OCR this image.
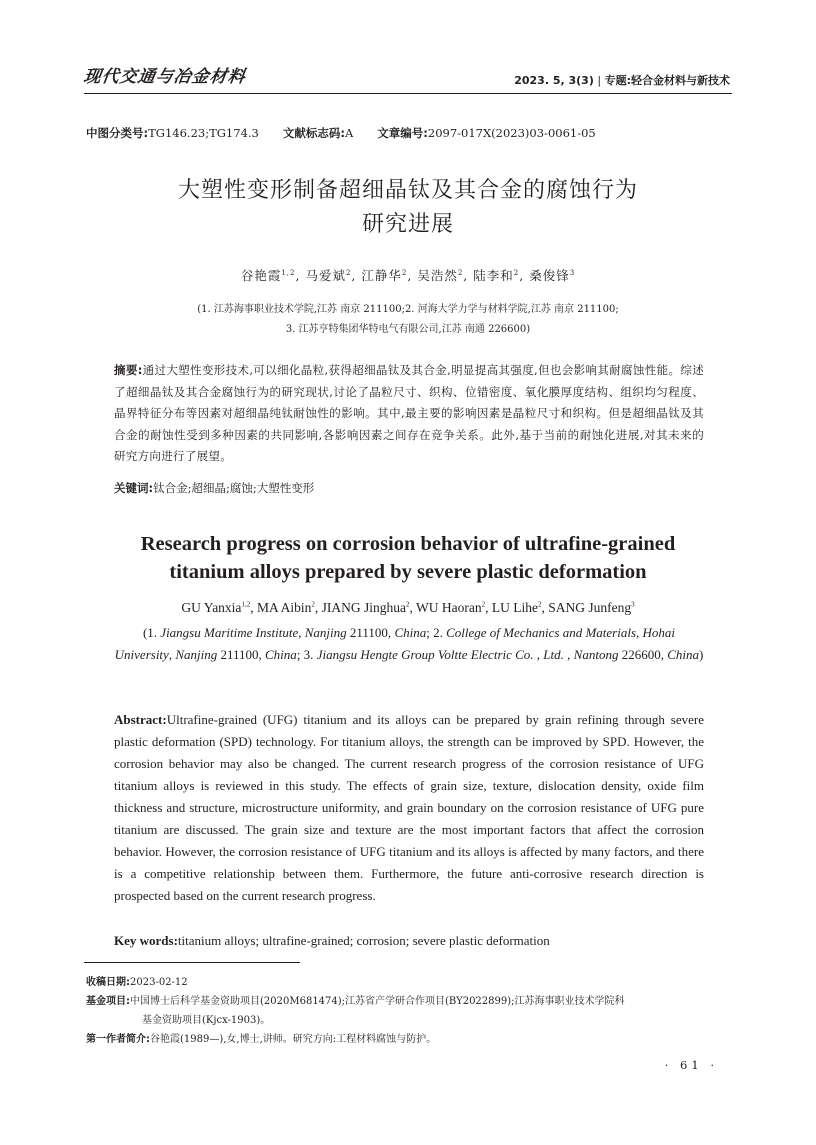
现代交通与冶金材料	2023. 5, 3(3) | 专题:轻合金材料与新技术
中图分类号:TG146.23;TG174.3 文献标志码:A 文章编号:2097-017X(2023)03-0061-05
大塑性变形制备超细晶钛及其合金的腐蚀行为
研究进展
谷艳霞$^{1,2}$, 马爱斌$^2$, 江静华$^2$, 吴浩然$^2$, 陆李和$^2$, 桑俊锋$^3$
(1. 江苏海事职业技术学院,江苏 南京 211100;2. 河海大学力学与材料学院,江苏 南京 211100;
3. 江苏亨特集团华特电气有限公司,江苏 南通 226600)
摘要:通过大塑性变形技术,可以细化晶粒,获得超细晶钛及其合金,明显提高其强度,但也会影响其耐腐蚀性能。综述了超细晶钛及其合金腐蚀行为的研究现状,讨论了晶粒尺寸、织构、位错密度、氧化膜厚度结构、组织均匀程度、晶界特征分布等因素对超细晶纯钛耐蚀性的影响。其中,最主要的影响因素是晶粒尺寸和织构。但是超细晶钛及其合金的耐蚀性受到多种因素的共同影响,各影响因素之间存在竞争关系。此外,基于当前的耐蚀化进展,对其未来的研究方向进行了展望。
关键词:钛合金;超细晶;腐蚀;大塑性变形
Research progress on corrosion behavior of ultrafine-grained
titanium alloys prepared by severe plastic deformation
GU Yanxia$^{1,2}$, MA Aibin$^2$, JIANG Jinghua$^2$, WU Haoran$^2$, LU Lihe$^2$, SANG Junfeng$^3$
(1. Jiangsu Maritime Institute, Nanjing 211100, China; 2. College of Mechanics and Materials, Hohai University, Nanjing 211100, China; 3. Jiangsu Hengte Group Voltte Electric Co. , Ltd. , Nantong 226600, China)
Abstract:Ultrafine-grained (UFG) titanium and its alloys can be prepared by grain refining through severe plastic deformation (SPD) technology. For titanium alloys, the strength can be improved by SPD. However, the corrosion behavior may also be changed. The current research progress of the corrosion resistance of UFG titanium alloys is reviewed in this study. The effects of grain size, texture, dislocation density, oxide film thickness and structure, microstructure uniformity, and grain boundary on the corrosion resistance of UFG pure titanium are discussed. The grain size and texture are the most important factors that affect the corrosion behavior. However, the corrosion resistance of UFG titanium and its alloys is affected by many factors, and there is a competitive relationship between them. Furthermore, the future anti-corrosive research direction is prospected based on the current research progress.
Key words:titanium alloys; ultrafine-grained; corrosion; severe plastic deformation
收稿日期:2023-02-12
基金项目:中国博士后科学基金资助项目(2020M681474);江苏省产学研合作项目(BY2022899);江苏海事职业技术学院科
基金资助项目(Kjcx-1903)。
第一作者简介:谷艳霞(1989—),女,博士,讲师。研究方向:工程材料腐蚀与防护。
· 61 ·
